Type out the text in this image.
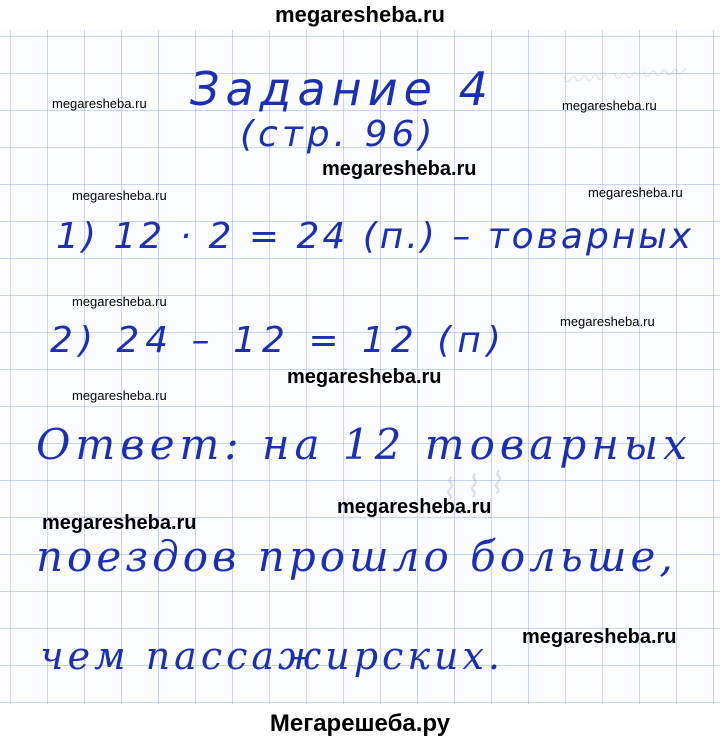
megaresheba.ru
〰〰 〰 〰〰
⌇ ⌇ ⌇
Задание 4
(стр. 96)
1) 12 · 2 = 24 (п.) – товарных
2) 24 – 12 = 12 (п)
Ответ: на 12 товарных
поездов прошло больше,
чем пассажирских.
megaresheba.ru	megaresheba.ru
megaresheba.ru
megaresheba.ru	megaresheba.ru
megaresheba.ru
megaresheba.ru
megaresheba.ru
megaresheba.ru
megaresheba.ru
megaresheba.ru
megaresheba.ru
Мегарешеба.ру
